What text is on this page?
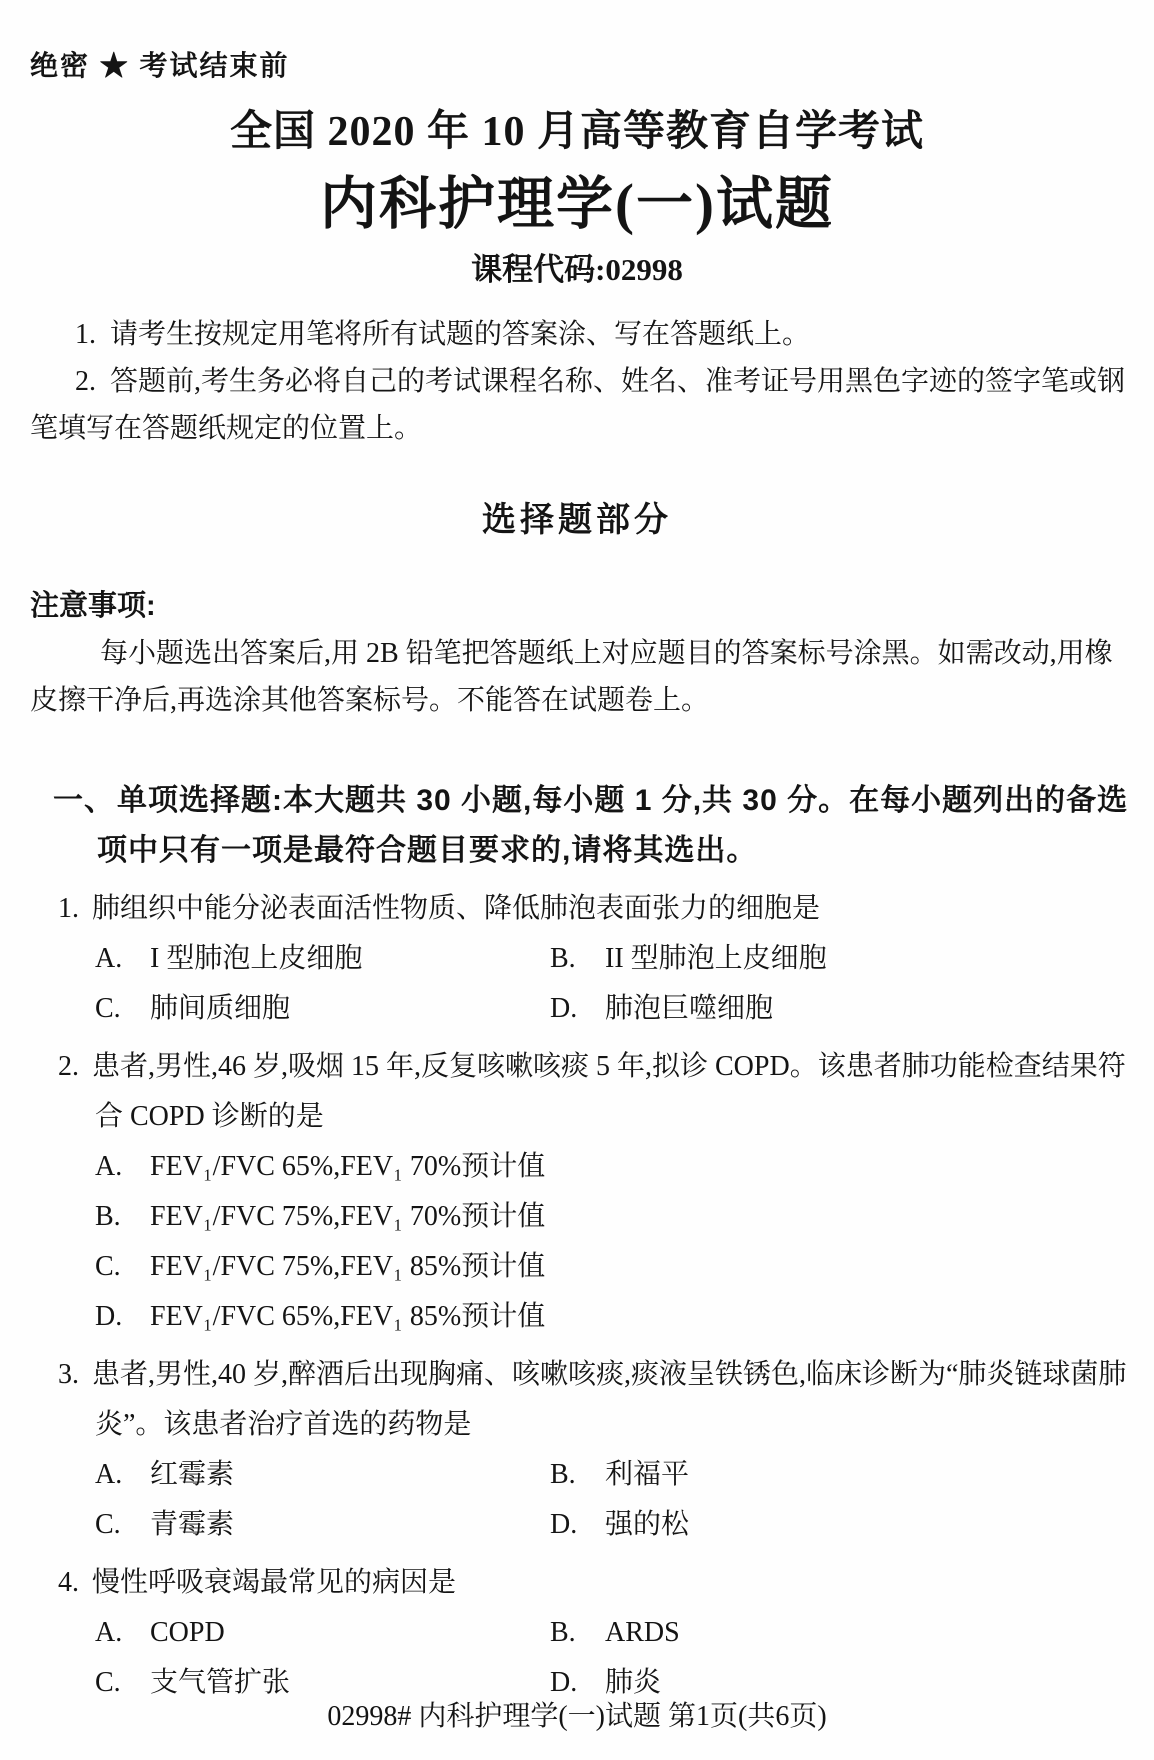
绝密 ★ 考试结束前
全国 2020 年 10 月高等教育自学考试
内科护理学(一)试题
课程代码:02998

1.  请考生按规定用笔将所有试题的答案涂、写在答题纸上。

2.  答题前,考生务必将自己的考试课程名称、姓名、准考证号用黑色字迹的签字笔或钢笔填写在答题纸规定的位置上。

选择题部分
注意事项:

每小题选出答案后,用 2B 铅笔把答题纸上对应题目的答案标号涂黑。如需改动,用橡皮擦干净后,再选涂其他答案标号。不能答在试题卷上。

一、单项选择题:本大题共 30 小题,每小题 1 分,共 30 分。在每小题列出的备选项中只有一项是最符合题目要求的,请将其选出。

1. 肺组织中能分泌表面活性物质、降低肺泡表面张力的细胞是

A. I 型肺泡上皮细胞	B. II 型肺泡上皮细胞
C. 肺间质细胞	D. 肺泡巨噬细胞

2. 患者,男性,46 岁,吸烟 15 年,反复咳嗽咳痰 5 年,拟诊 COPD。该患者肺功能检查结果符合 COPD 诊断的是

A. FEV₁/FVC 65%,FEV₁ 70%预计值
B. FEV₁/FVC 75%,FEV₁ 70%预计值
C. FEV₁/FVC 75%,FEV₁ 85%预计值
D. FEV₁/FVC 65%,FEV₁ 85%预计值

3. 患者,男性,40 岁,醉酒后出现胸痛、咳嗽咳痰,痰液呈铁锈色,临床诊断为“肺炎链球菌肺炎”。该患者治疗首选的药物是

A. 红霉素	B. 利福平
C. 青霉素	D. 强的松

4. 慢性呼吸衰竭最常见的病因是

A. COPD	B. ARDS
C. 支气管扩张	D. 肺炎
02998# 内科护理学(一)试题 第1页(共6页)
